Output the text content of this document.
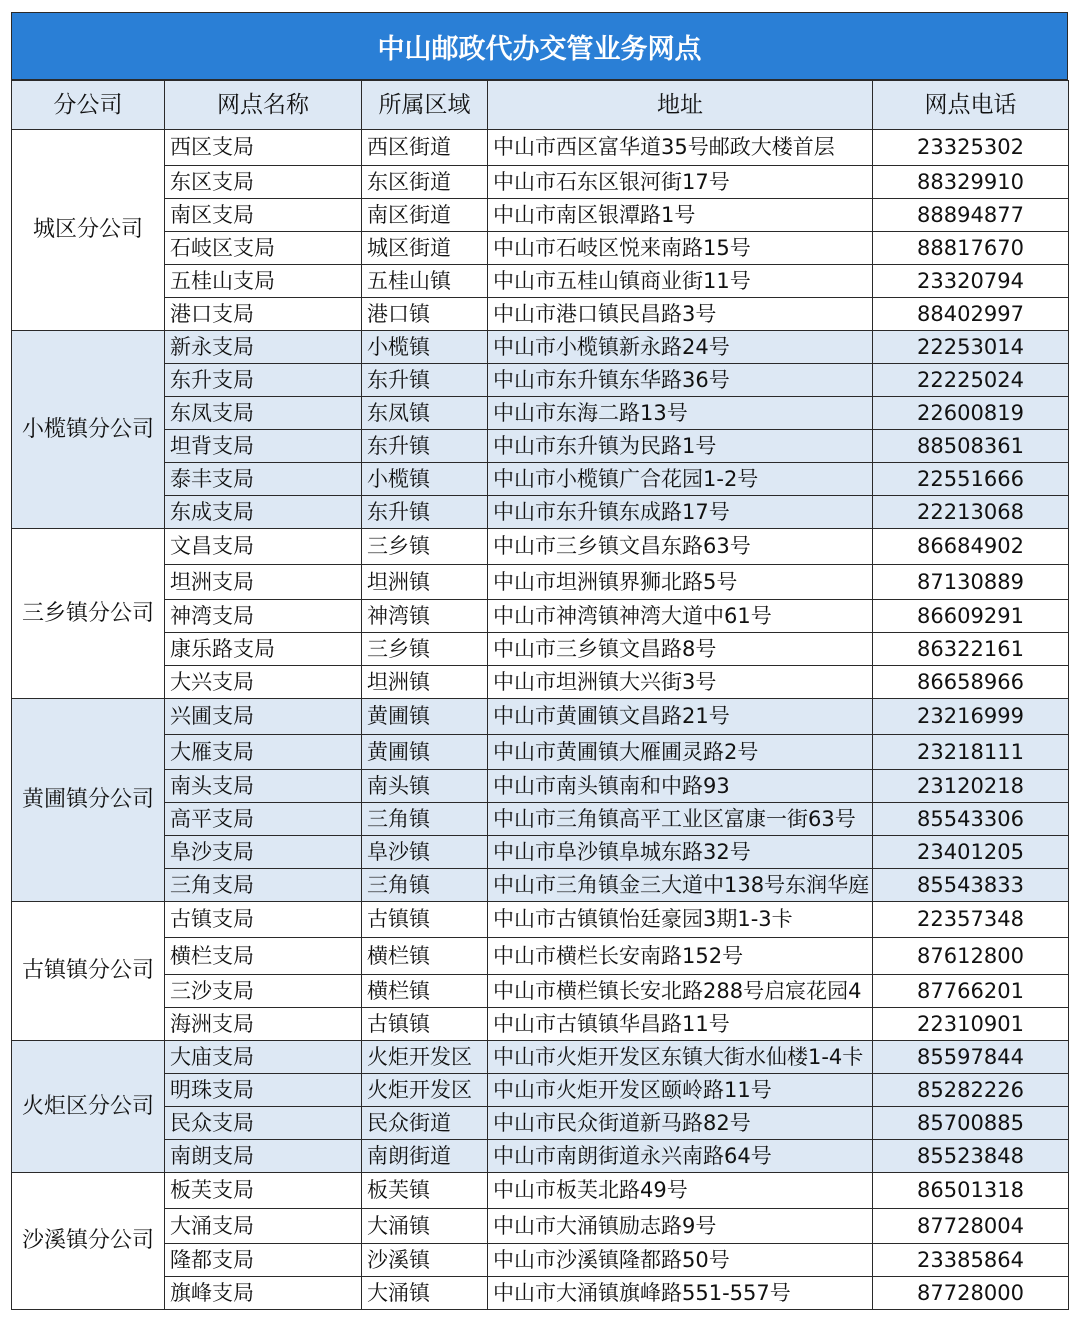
中山邮政代办交管业务网点
分公司	网点名称	所属区域	地址	网点电话
城区分公司	西区支局	西区街道	中山市西区富华道35号邮政大楼首层	23325302
	东区支局	东区街道	中山市石东区银河街17号	88329910
	南区支局	南区街道	中山市南区银潭路1号	88894877
	石岐区支局	城区街道	中山市石岐区悦来南路15号	88817670
	五桂山支局	五桂山镇	中山市五桂山镇商业街11号	23320794
	港口支局	港口镇	中山市港口镇民昌路3号	88402997
小榄镇分公司	新永支局	小榄镇	中山市小榄镇新永路24号	22253014
	东升支局	东升镇	中山市东升镇东华路36号	22225024
	东凤支局	东凤镇	中山市东海二路13号	22600819
	坦背支局	东升镇	中山市东升镇为民路1号	88508361
	泰丰支局	小榄镇	中山市小榄镇广合花园1-2号	22551666
	东成支局	东升镇	中山市东升镇东成路17号	22213068
三乡镇分公司	文昌支局	三乡镇	中山市三乡镇文昌东路63号	86684902
	坦洲支局	坦洲镇	中山市坦洲镇界狮北路5号	87130889
	神湾支局	神湾镇	中山市神湾镇神湾大道中61号	86609291
	康乐路支局	三乡镇	中山市三乡镇文昌路8号	86322161
	大兴支局	坦洲镇	中山市坦洲镇大兴街3号	86658966
黄圃镇分公司	兴圃支局	黄圃镇	中山市黄圃镇文昌路21号	23216999
	大雁支局	黄圃镇	中山市黄圃镇大雁圃灵路2号	23218111
	南头支局	南头镇	中山市南头镇南和中路93	23120218
	高平支局	三角镇	中山市三角镇高平工业区富康一街63号	85543306
	阜沙支局	阜沙镇	中山市阜沙镇阜城东路32号	23401205
	三角支局	三角镇	中山市三角镇金三大道中138号东润华庭	85543833
古镇镇分公司	古镇支局	古镇镇	中山市古镇镇怡廷豪园3期1-3卡	22357348
	横栏支局	横栏镇	中山市横栏长安南路152号	87612800
	三沙支局	横栏镇	中山市横栏镇长安北路288号启宸花园4	87766201
	海洲支局	古镇镇	中山市古镇镇华昌路11号	22310901
火炬区分公司	大庙支局	火炬开发区	中山市火炬开发区东镇大街水仙楼1-4卡	85597844
	明珠支局	火炬开发区	中山市火炬开发区颐岭路11号	85282226
	民众支局	民众街道	中山市民众街道新马路82号	85700885
	南朗支局	南朗街道	中山市南朗街道永兴南路64号	85523848
沙溪镇分公司	板芙支局	板芙镇	中山市板芙北路49号	86501318
	大涌支局	大涌镇	中山市大涌镇励志路9号	87728004
	隆都支局	沙溪镇	中山市沙溪镇隆都路50号	23385864
	旗峰支局	大涌镇	中山市大涌镇旗峰路551-557号	87728000
